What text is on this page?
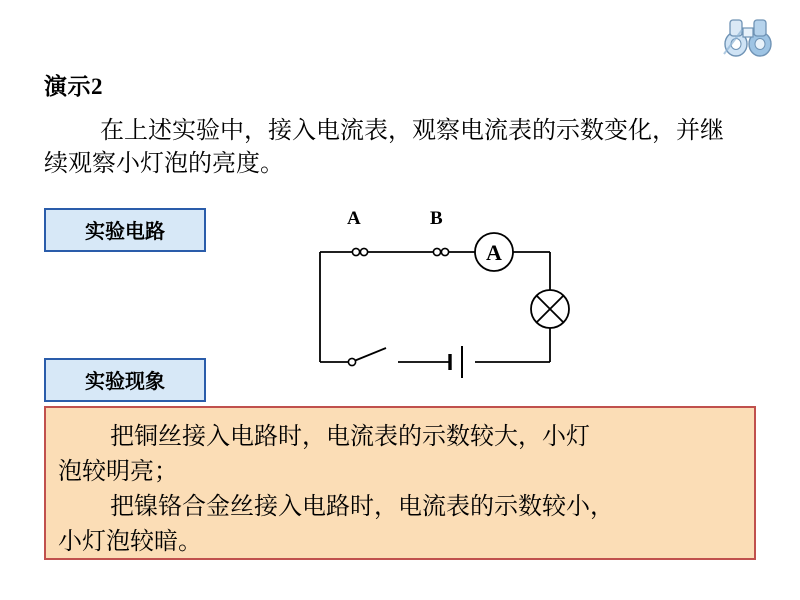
演示2
在上述实验中，接入电流表，观察电流表的示数变化，并继续观察小灯泡的亮度。
实验电路
实验现象
A	B
A
把铜丝接入电路时，电流表的示数较大，小灯
泡较明亮；
把镍铬合金丝接入电路时，电流表的示数较小，
小灯泡较暗。
